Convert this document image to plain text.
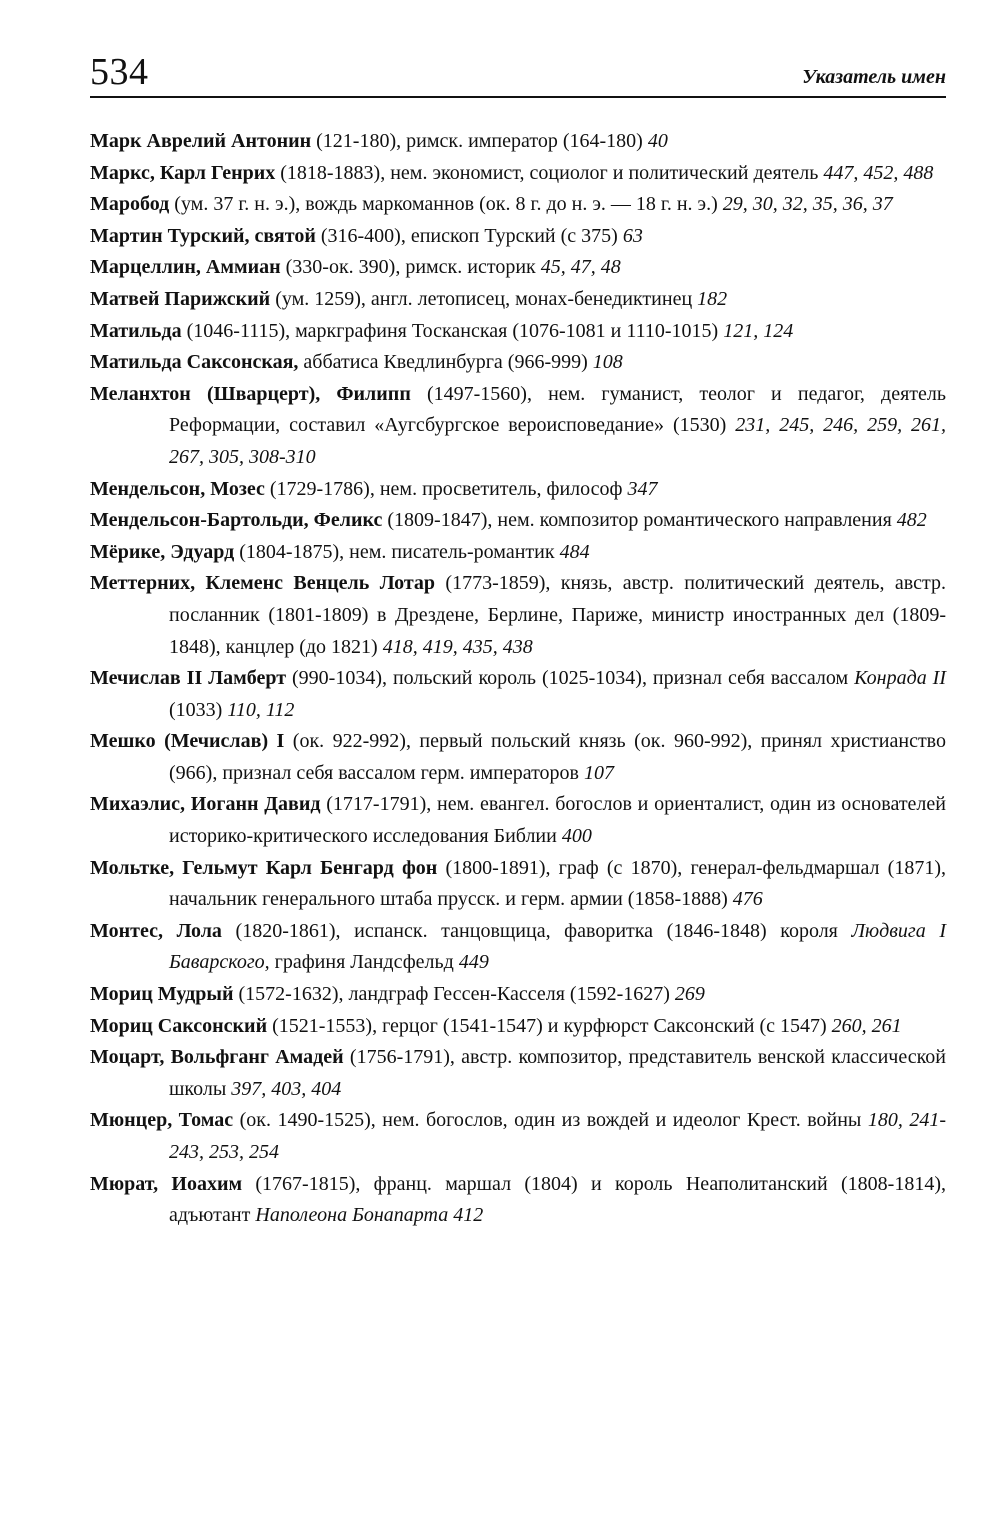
534	Указатель имен

Марк Аврелий Антонин (121-180), римск. император (164-180) 40

Маркс, Карл Генрих (1818-1883), нем. экономист, социолог и политический деятель 447, 452, 488

Маробод (ум. 37 г. н. э.), вождь маркоманнов (ок. 8 г. до н. э. — 18 г. н. э.) 29, 30, 32, 35, 36, 37

Мартин Турский, святой (316-400), епископ Турский (с 375) 63

Марцеллин, Аммиан (330-ок. 390), римск. историк 45, 47, 48

Матвей Парижский (ум. 1259), англ. летописец, монах-бенедиктинец 182

Матильда (1046-1115), маркграфиня Тосканская (1076-1081 и 1110-1015) 121, 124

Матильда Саксонская, аббатиса Кведлинбурга (966-999) 108

Меланхтон (Шварцерт), Филипп (1497-1560), нем. гуманист, теолог и педагог, деятель Реформации, составил «Аугсбургское вероисповедание» (1530) 231, 245, 246, 259, 261, 267, 305, 308-310

Мендельсон, Мозес (1729-1786), нем. просветитель, философ 347

Мендельсон-Бартольди, Феликс (1809-1847), нем. композитор романтического направления 482

Мёрике, Эдуард (1804-1875), нем. писатель-романтик 484

Меттерних, Клеменс Венцель Лотар (1773-1859), князь, австр. политический деятель, австр. посланник (1801-1809) в Дрездене, Берлине, Париже, министр иностранных дел (1809-1848), канцлер (до 1821) 418, 419, 435, 438

Мечислав II Ламберт (990-1034), польский король (1025-1034), признал себя вассалом Конрада II (1033) 110, 112

Мешко (Мечислав) I (ок. 922-992), первый польский князь (ок. 960-992), принял христианство (966), признал себя вассалом герм. императоров 107

Михаэлис, Иоганн Давид (1717-1791), нем. евангел. богослов и ориенталист, один из основателей историко-критического исследования Библии 400

Мольтке, Гельмут Карл Бенгард фон (1800-1891), граф (с 1870), генерал-фельдмаршал (1871), начальник генерального штаба прусск. и герм. армии (1858-1888) 476

Монтес, Лола (1820-1861), испанск. танцовщица, фаворитка (1846-1848) короля Людвига I Баварского, графиня Ландсфельд 449

Мориц Мудрый (1572-1632), ландграф Гессен-Касселя (1592-1627) 269

Мориц Саксонский (1521-1553), герцог (1541-1547) и курфюрст Саксонский (с 1547) 260, 261

Моцарт, Вольфганг Амадей (1756-1791), австр. композитор, представитель венской классической школы 397, 403, 404

Мюнцер, Томас (ок. 1490-1525), нем. богослов, один из вождей и идеолог Крест. войны 180, 241-243, 253, 254

Мюрат, Иоахим (1767-1815), франц. маршал (1804) и король Неаполитанский (1808-1814), адъютант Наполеона Бонапарта 412
